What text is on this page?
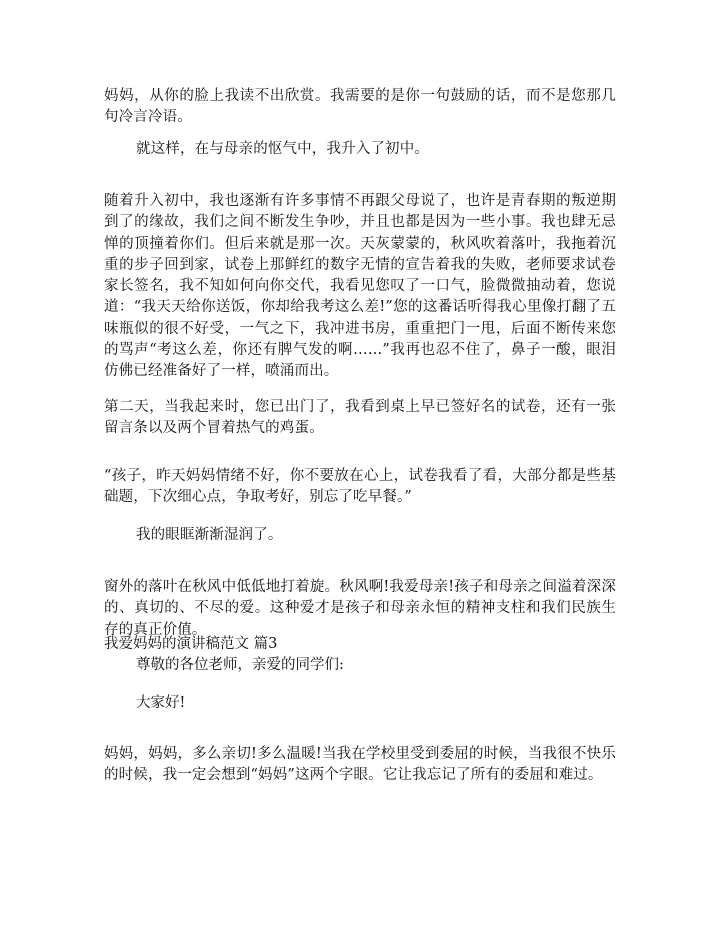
妈妈，从你的脸上我读不出欣赏。我需要的是你一句鼓励的话，而不是您那几句冷言冷语。

就这样，在与母亲的怄气中，我升入了初中。

随着升入初中，我也逐渐有许多事情不再跟父母说了，也许是青春期的叛逆期到了的缘故，我们之间不断发生争吵，并且也都是因为一些小事。我也肆无忌惮的顶撞着你们。但后来就是那一次。天灰蒙蒙的，秋风吹着落叶，我拖着沉重的步子回到家，试卷上那鲜红的数字无情的宣告着我的失败，老师要求试卷家长签名，我不知如何向你交代，我看见您叹了一口气，脸微微抽动着，您说道：“我天天给你送饭，你却给我考这么差!”您的这番话听得我心里像打翻了五味瓶似的很不好受，一气之下，我冲进书房，重重把门一甩，后面不断传来您的骂声“考这么差，你还有脾气发的啊……”我再也忍不住了，鼻子一酸，眼泪仿佛已经准备好了一样，喷涌而出。

第二天，当我起来时，您已出门了，我看到桌上早已签好名的试卷，还有一张留言条以及两个冒着热气的鸡蛋。

“孩子，昨天妈妈情绪不好，你不要放在心上，试卷我看了看，大部分都是些基础题，下次细心点，争取考好，别忘了吃早餐。”

我的眼眶渐渐湿润了。

窗外的落叶在秋风中低低地打着旋。秋风啊!我爱母亲!孩子和母亲之间溢着深深的、真切的、不尽的爱。这种爱才是孩子和母亲永恒的精神支柱和我们民族生存的真正价值。

我爱妈妈的演讲稿范文 篇3

尊敬的各位老师，亲爱的同学们:

大家好!

妈妈，妈妈，多么亲切!多么温暖!当我在学校里受到委屈的时候，当我很不快乐的时候，我一定会想到“妈妈”这两个字眼。它让我忘记了所有的委屈和难过。
